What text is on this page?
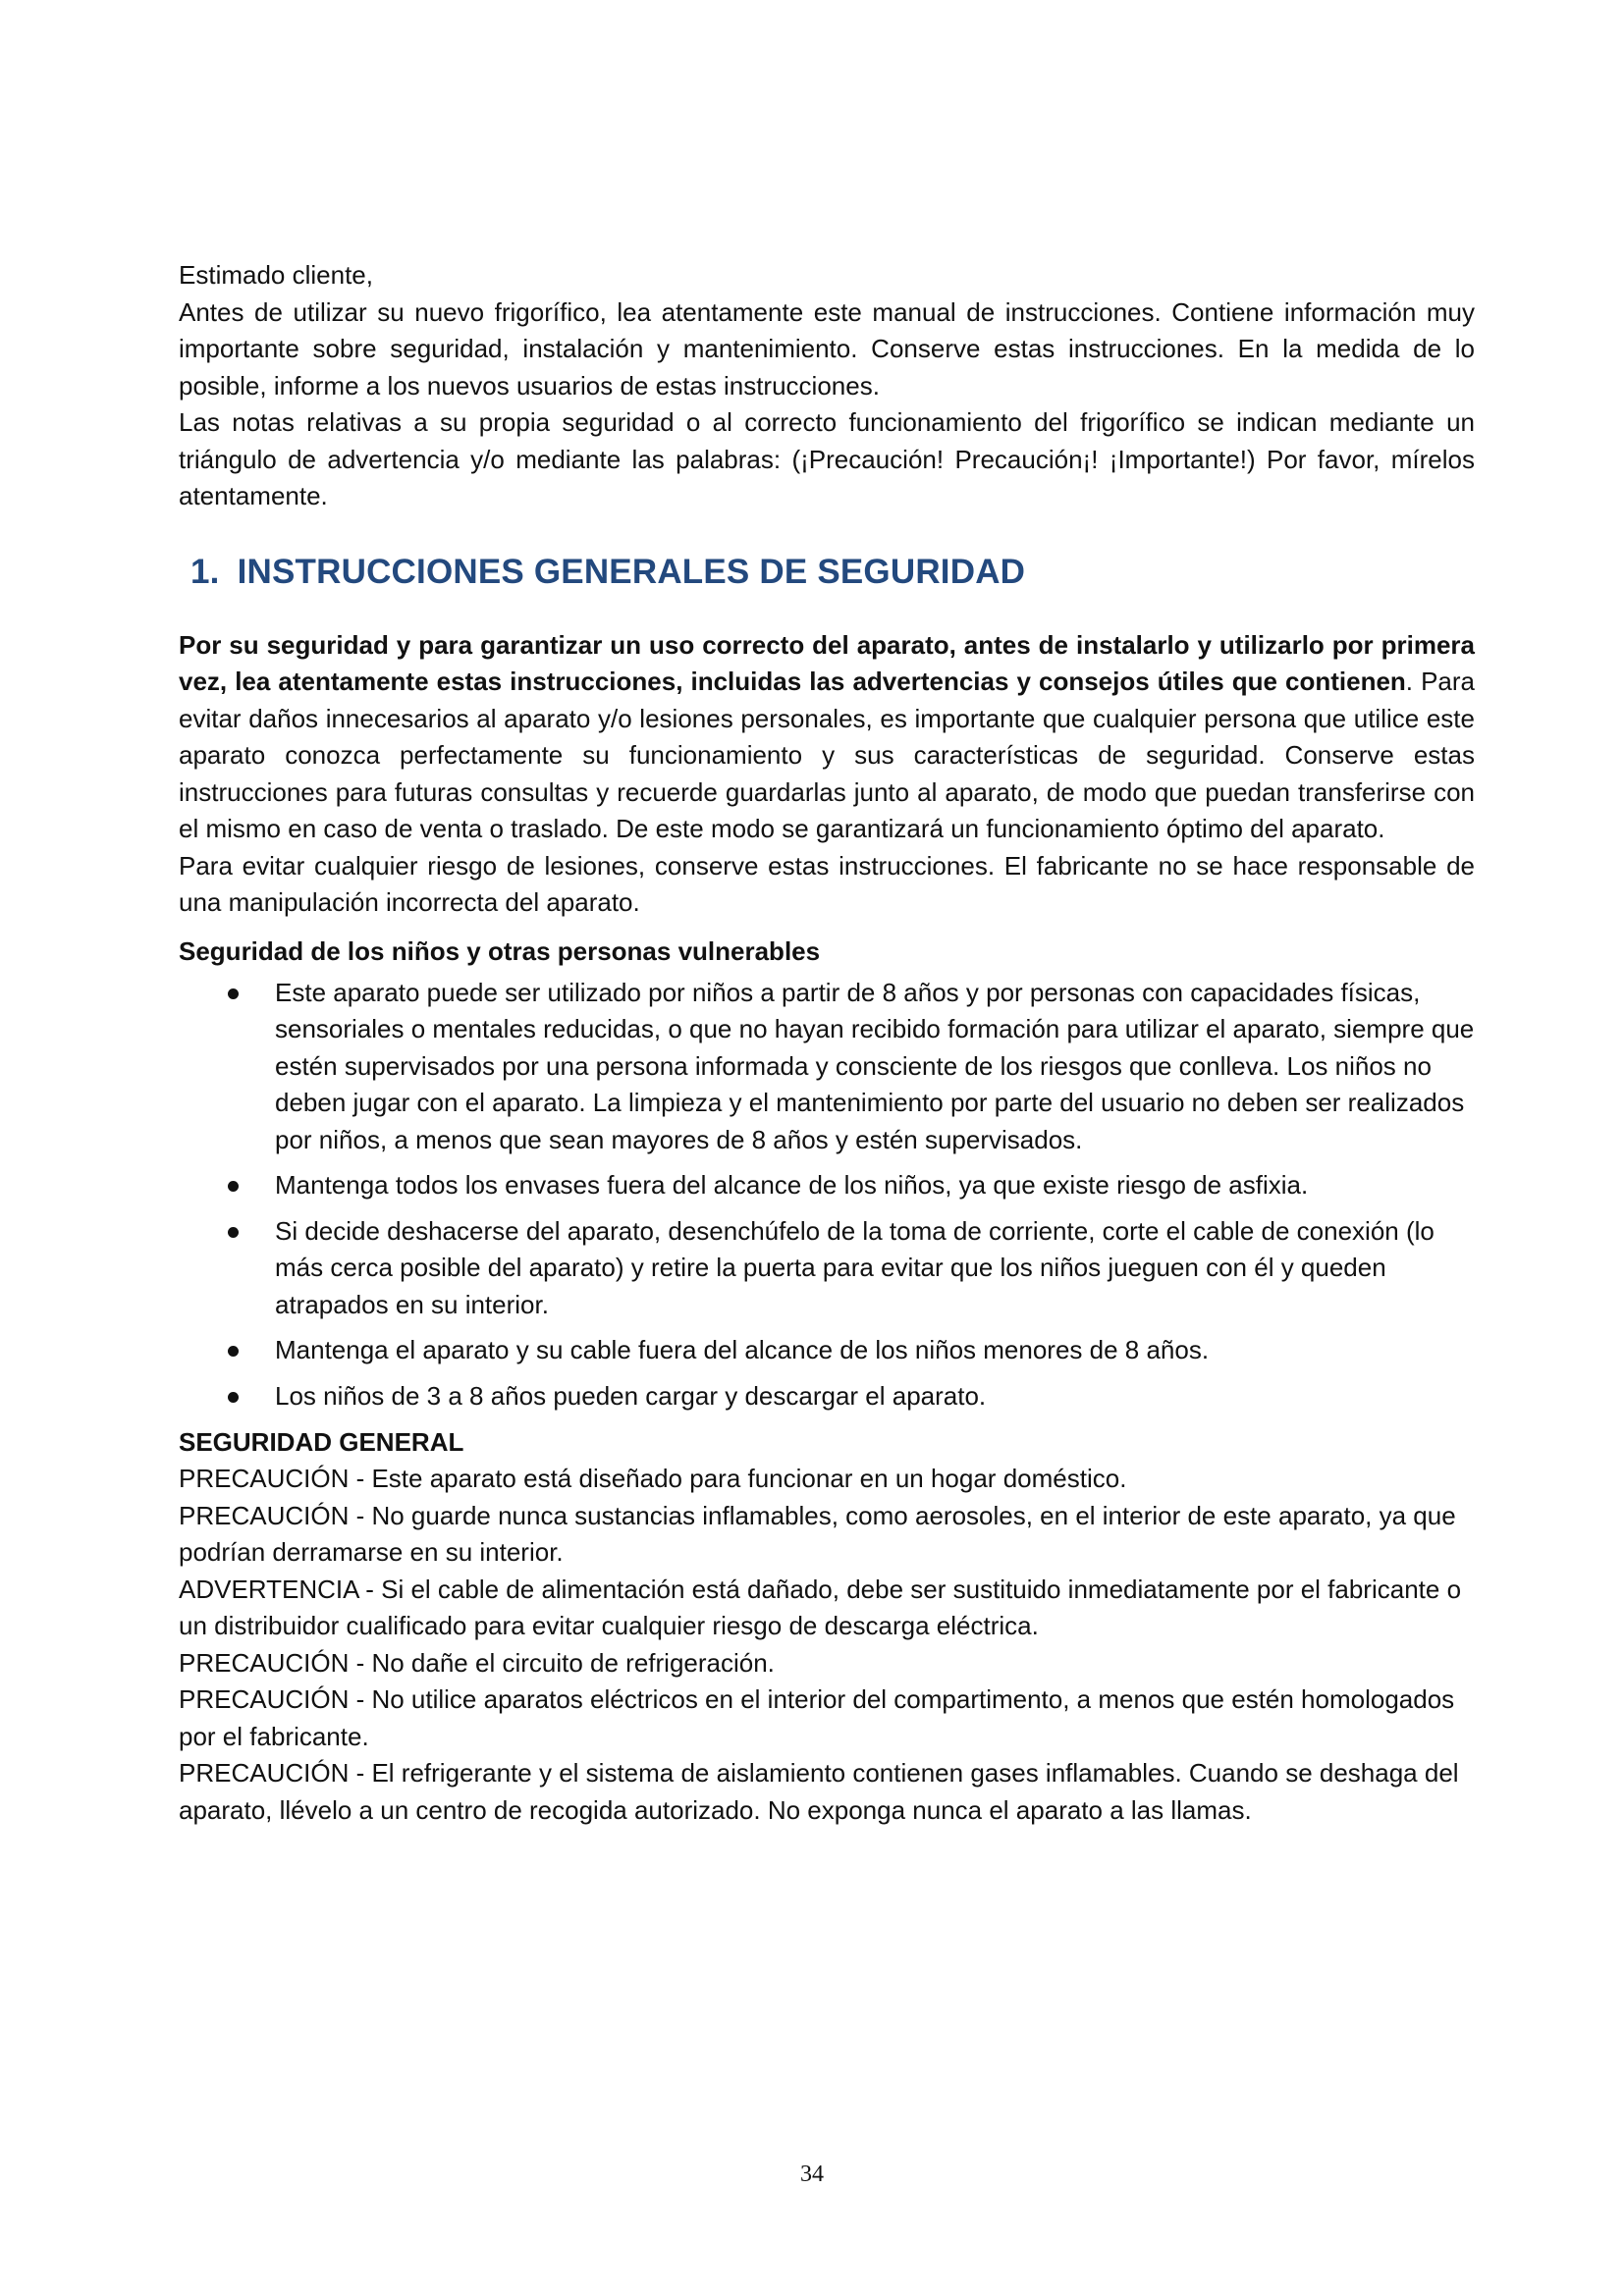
Estimado cliente,

Antes de utilizar su nuevo frigorífico, lea atentamente este manual de instrucciones. Contiene información muy importante sobre seguridad, instalación y mantenimiento. Conserve estas instrucciones. En la medida de lo posible, informe a los nuevos usuarios de estas instrucciones.

Las notas relativas a su propia seguridad o al correcto funcionamiento del frigorífico se indican mediante un triángulo de advertencia y/o mediante las palabras: (¡Precaución! Precaución¡! ¡Importante!) Por favor, mírelos atentamente.

1. INSTRUCCIONES GENERALES DE SEGURIDAD

Por su seguridad y para garantizar un uso correcto del aparato, antes de instalarlo y utilizarlo por primera vez, lea atentamente estas instrucciones, incluidas las advertencias y consejos útiles que contienen. Para evitar daños innecesarios al aparato y/o lesiones personales, es importante que cualquier persona que utilice este aparato conozca perfectamente su funcionamiento y sus características de seguridad. Conserve estas instrucciones para futuras consultas y recuerde guardarlas junto al aparato, de modo que puedan transferirse con el mismo en caso de venta o traslado. De este modo se garantizará un funcionamiento óptimo del aparato.

Para evitar cualquier riesgo de lesiones, conserve estas instrucciones. El fabricante no se hace responsable de una manipulación incorrecta del aparato.

Seguridad de los niños y otras personas vulnerables
Este aparato puede ser utilizado por niños a partir de 8 años y por personas con capacidades físicas, sensoriales o mentales reducidas, o que no hayan recibido formación para utilizar el aparato, siempre que estén supervisados por una persona informada y consciente de los riesgos que conlleva. Los niños no deben jugar con el aparato. La limpieza y el mantenimiento por parte del usuario no deben ser realizados por niños, a menos que sean mayores de 8 años y estén supervisados.
Mantenga todos los envases fuera del alcance de los niños, ya que existe riesgo de asfixia.
Si decide deshacerse del aparato, desenchúfelo de la toma de corriente, corte el cable de conexión (lo más cerca posible del aparato) y retire la puerta para evitar que los niños jueguen con él y queden atrapados en su interior.
Mantenga el aparato y su cable fuera del alcance de los niños menores de 8 años.
Los niños de 3 a 8 años pueden cargar y descargar el aparato.
SEGURIDAD GENERAL

PRECAUCIÓN - Este aparato está diseñado para funcionar en un hogar doméstico.

PRECAUCIÓN - No guarde nunca sustancias inflamables, como aerosoles, en el interior de este aparato, ya que podrían derramarse en su interior.

ADVERTENCIA - Si el cable de alimentación está dañado, debe ser sustituido inmediatamente por el fabricante o un distribuidor cualificado para evitar cualquier riesgo de descarga eléctrica.

PRECAUCIÓN - No dañe el circuito de refrigeración.

PRECAUCIÓN - No utilice aparatos eléctricos en el interior del compartimento, a menos que estén homologados por el fabricante.

PRECAUCIÓN - El refrigerante y el sistema de aislamiento contienen gases inflamables. Cuando se deshaga del aparato, llévelo a un centro de recogida autorizado. No exponga nunca el aparato a las llamas.

34
